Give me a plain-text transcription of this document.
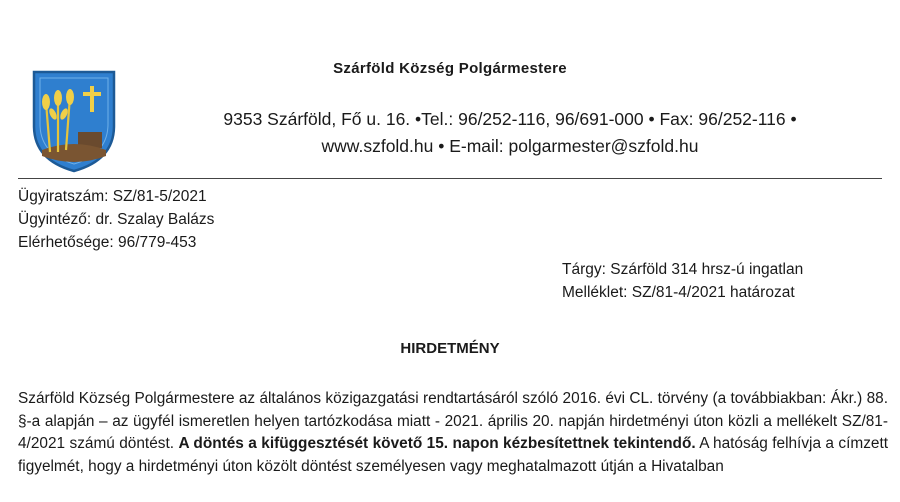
Szárföld Község Polgármestere
9353 Szárföld, Fő u. 16. •Tel.: 96/252-116, 96/691-000 • Fax: 96/252-116 •
www.szfold.hu • E-mail: polgarmester@szfold.hu
Ügyiratszám: SZ/81-5/2021
Ügyintéző: dr. Szalay Balázs
Elérhetősége: 96/779-453
Tárgy: Szárföld 314 hrsz-ú ingatlan
Melléklet: SZ/81-4/2021 határozat
HIRDETMÉNY
Szárföld Község Polgármestere az általános közigazgatási rendtartásáról szóló 2016. évi CL. törvény (a továbbiakban: Ákr.) 88. §-a alapján – az ügyfél ismeretlen helyen tartózkodása miatt - 2021. április 20. napján hirdetményi úton közli a mellékelt SZ/81-4/2021 számú döntést. A döntés a kifüggesztését követő 15. napon kézbesítettnek tekintendő. A hatóság felhívja a címzett figyelmét, hogy a hirdetményi úton közölt döntést személyesen vagy meghatalmazott útján a Hivatalban
